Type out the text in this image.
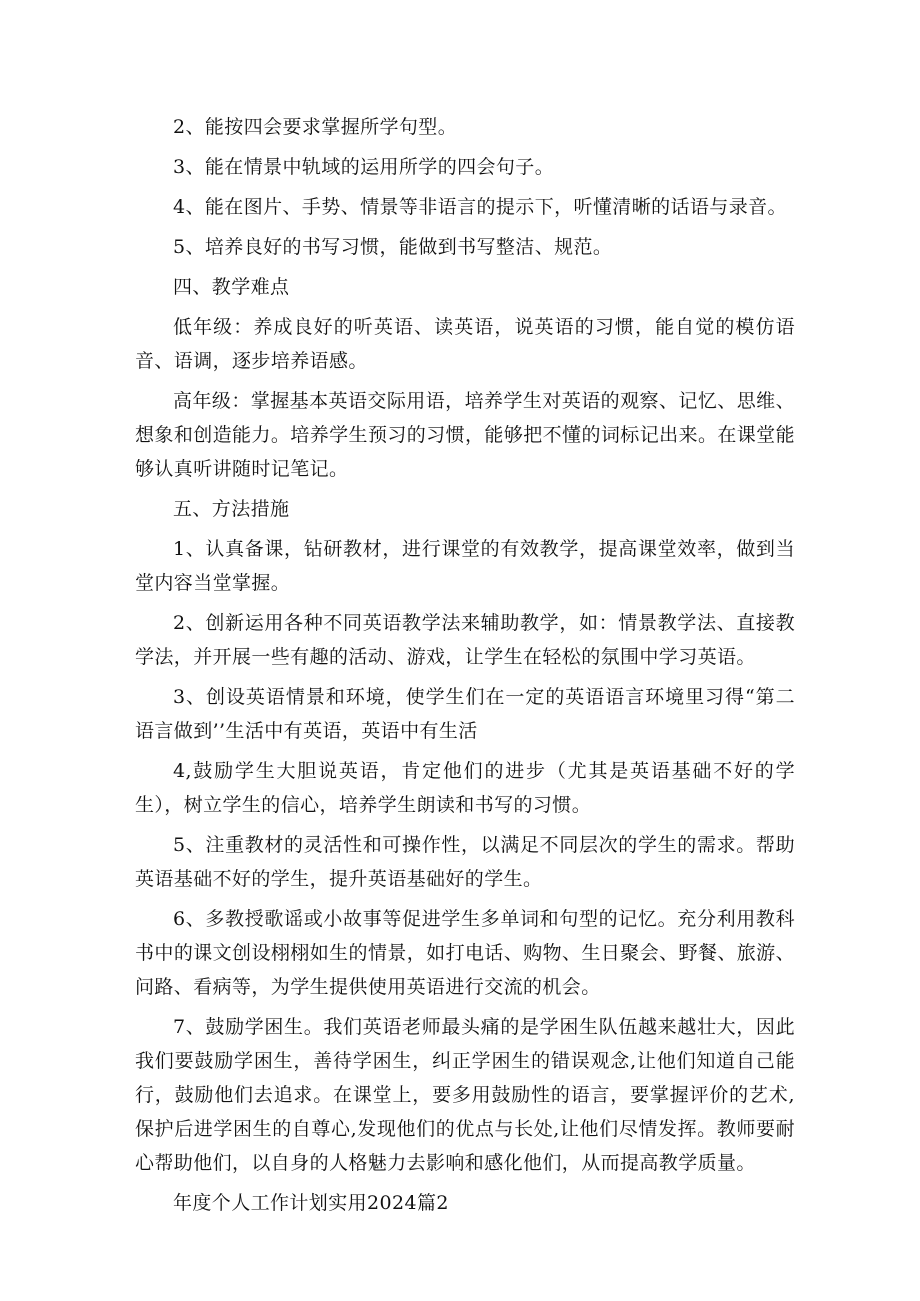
2、能按四会要求掌握所学句型。

3、能在情景中轨域的运用所学的四会句子。

4、能在图片、手势、情景等非语言的提示下，听懂清晰的话语与录音。

5、培养良好的书写习惯，能做到书写整洁、规范。

四、教学难点

低年级：养成良好的听英语、读英语，说英语的习惯，能自觉的模仿语音、语调，逐步培养语感。

高年级：掌握基本英语交际用语，培养学生对英语的观察、记忆、思维、想象和创造能力。培养学生预习的习惯，能够把不懂的词标记出来。在课堂能够认真听讲随时记笔记。

五、方法措施

1、认真备课，钻研教材，进行课堂的有效教学，提高课堂效率，做到当堂内容当堂掌握。

2、创新运用各种不同英语教学法来辅助教学，如：情景教学法、直接教学法，并开展一些有趣的活动、游戏，让学生在轻松的氛围中学习英语。

3、创设英语情景和环境，使学生们在一定的英语语言环境里习得“第二语言做到’’生活中有英语，英语中有生活

4,鼓励学生大胆说英语，肯定他们的进步（尤其是英语基础不好的学生），树立学生的信心，培养学生朗读和书写的习惯。

5、注重教材的灵活性和可操作性，以满足不同层次的学生的需求。帮助英语基础不好的学生，提升英语基础好的学生。

6、多教授歌谣或小故事等促进学生多单词和句型的记忆。充分利用教科书中的课文创设栩栩如生的情景，如打电话、购物、生日聚会、野餐、旅游、问路、看病等，为学生提供使用英语进行交流的机会。

7、鼓励学困生。我们英语老师最头痛的是学困生队伍越来越壮大，因此我们要鼓励学困生，善待学困生，纠正学困生的错误观念,让他们知道自己能行，鼓励他们去追求。在课堂上，要多用鼓励性的语言，要掌握评价的艺术,保护后进学困生的自尊心,发现他们的优点与长处,让他们尽情发挥。教师要耐心帮助他们，以自身的人格魅力去影响和感化他们，从而提高教学质量。

年度个人工作计划实用2024篇2
